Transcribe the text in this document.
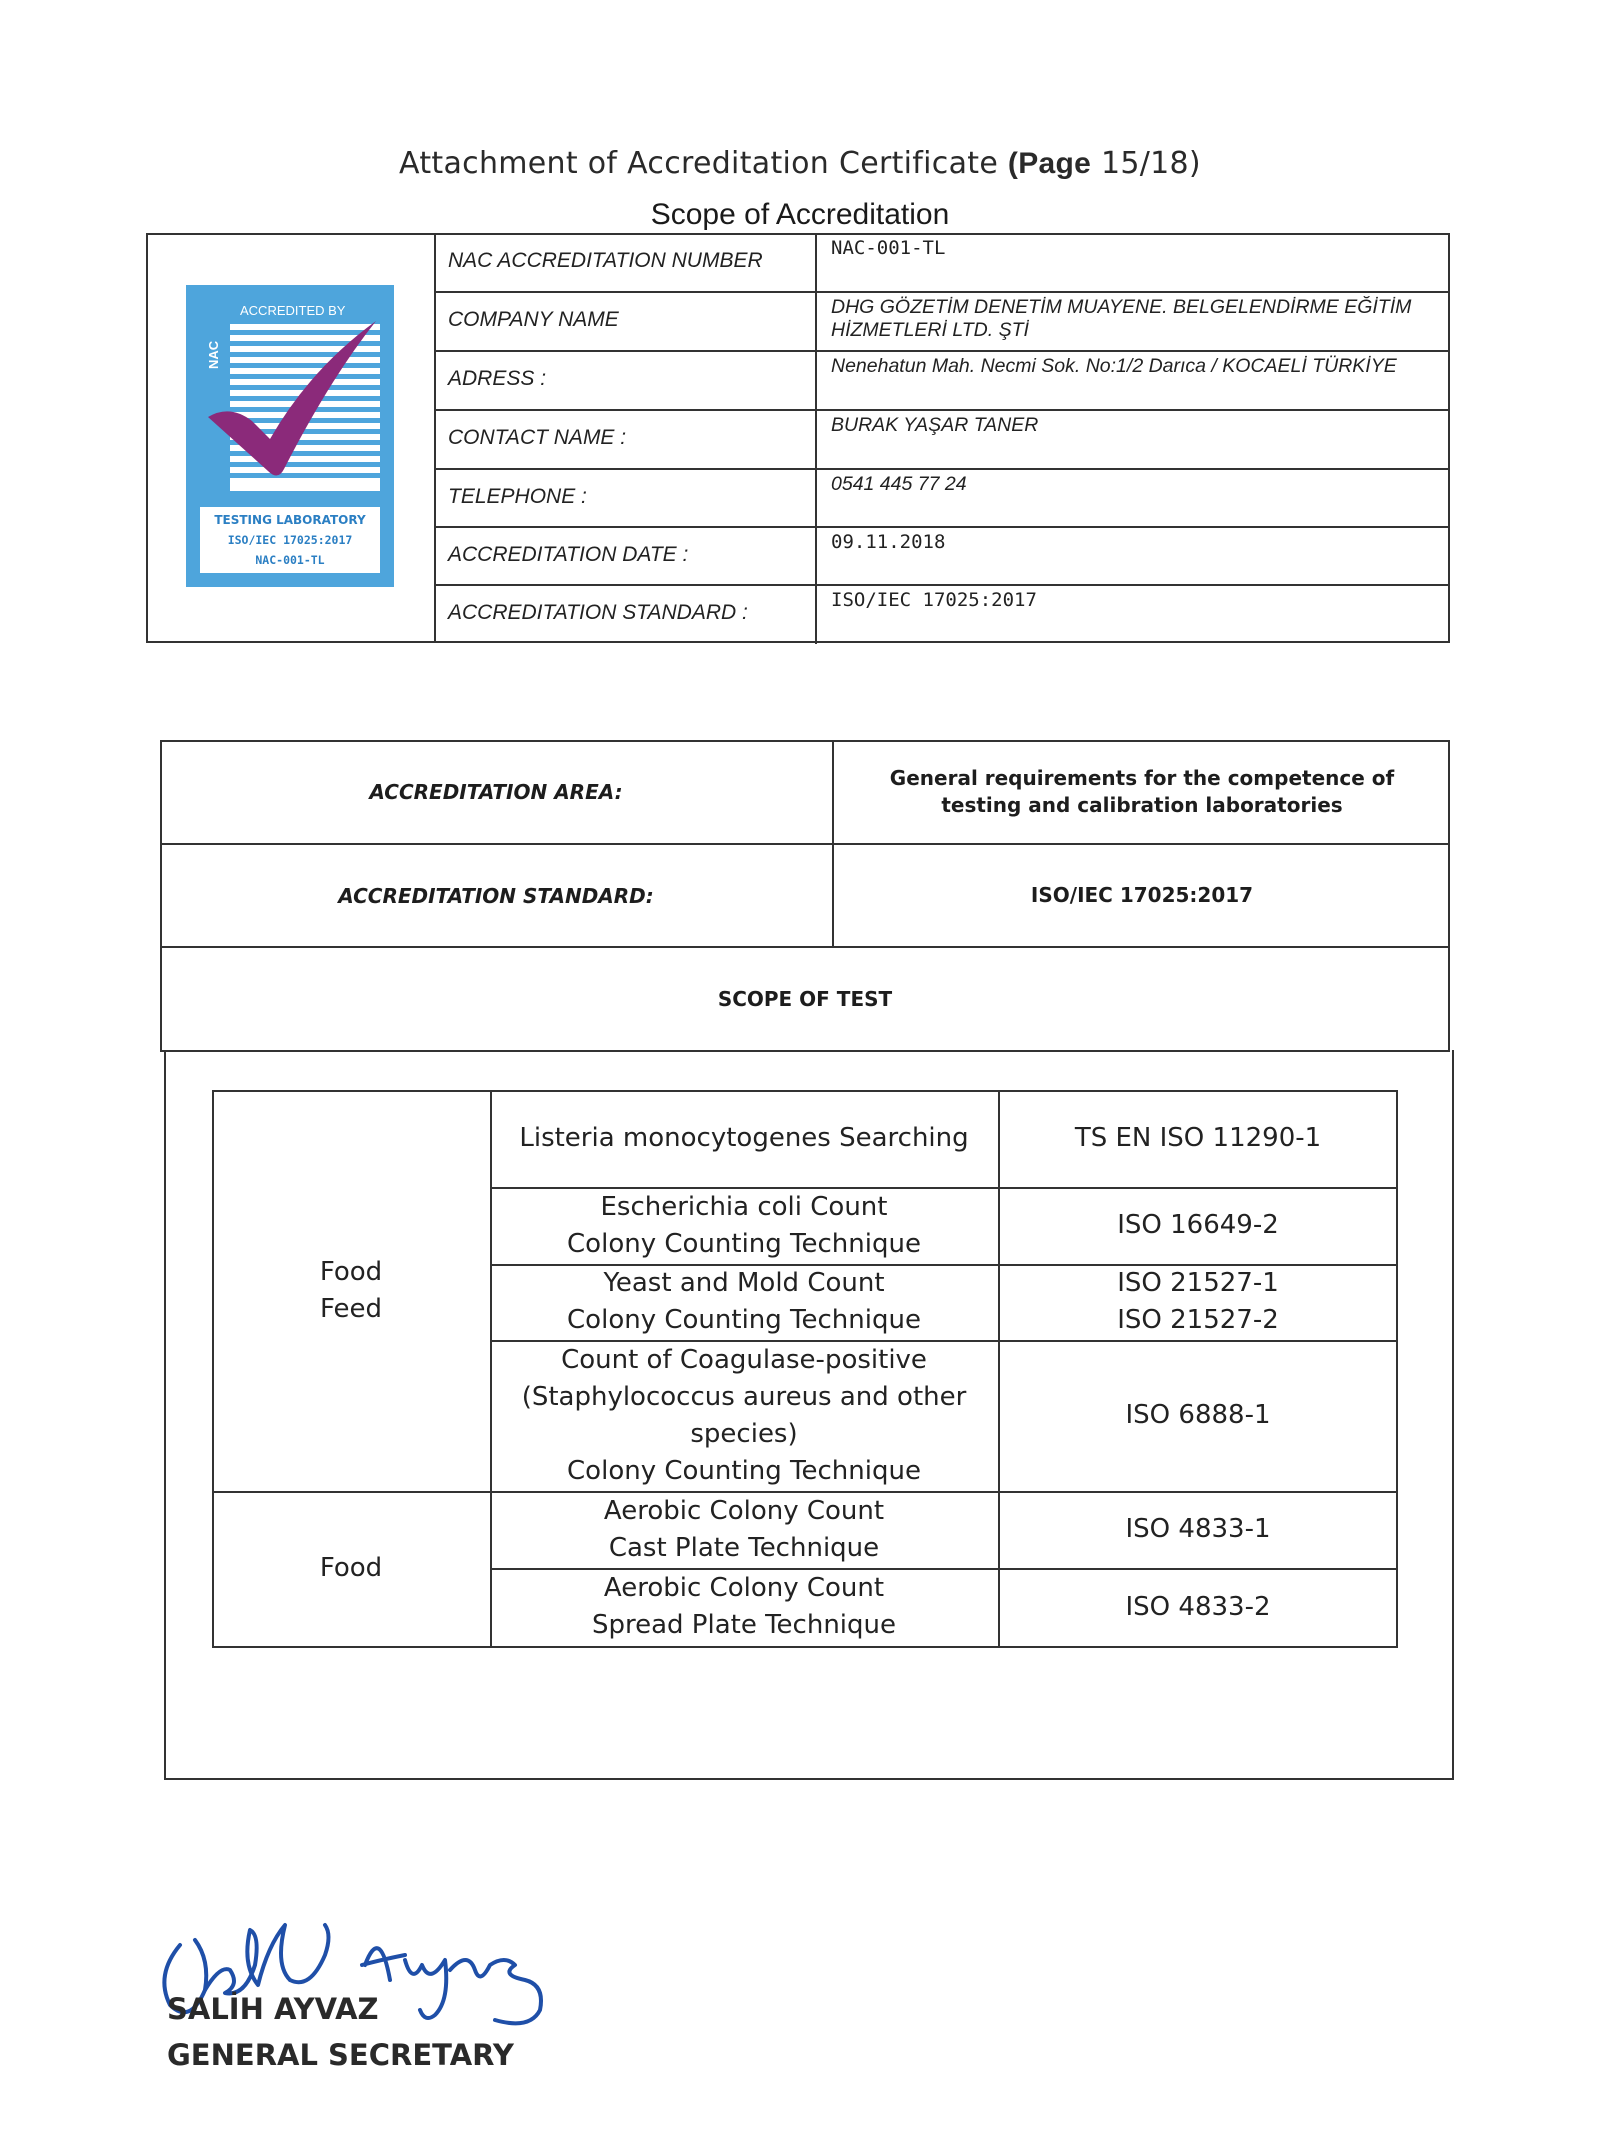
Attachment of Accreditation Certificate (Page 15/18)
Scope of Accreditation
ACCREDITED BY
NAC
TESTING LABORATORY
ISO/IEC 17025:2017
NAC-001-TL
NAC ACCREDITATION NUMBER
NAC-001-TL
COMPANY NAME
DHG GÖZETİM DENETİM MUAYENE. BELGELENDİRME EĞİTİM HİZMETLERİ LTD. ŞTİ
ADRESS :
Nenehatun Mah. Necmi Sok. No:1/2 Darıca / KOCAELİ TÜRKİYE
CONTACT NAME :
BURAK YAŞAR TANER
TELEPHONE :
0541 445 77 24
ACCREDITATION DATE :
09.11.2018
ACCREDITATION STANDARD :
ISO/IEC 17025:2017
ACCREDITATION AREA:
General requirements for the competence of testing and calibration laboratories
ACCREDITATION STANDARD:	ISO/IEC 17025:2017
SCOPE OF TEST
Food
Feed
Food
Listeria monocytogenes Searching	TS EN ISO 11290-1
Escherichia coli Count
Colony Counting Technique
ISO 16649-2
Yeast and Mold Count
Colony Counting Technique
ISO 21527-1
ISO 21527-2
Count of Coagulase-positive
(Staphylococcus aureus and other
species)
Colony Counting Technique
ISO 6888-1
Aerobic Colony Count
Cast Plate Technique
ISO 4833-1
Aerobic Colony Count
Spread Plate Technique
ISO 4833-2
Salih Ayvaz
SALİH AYVAZ
GENERAL SECRETARY
